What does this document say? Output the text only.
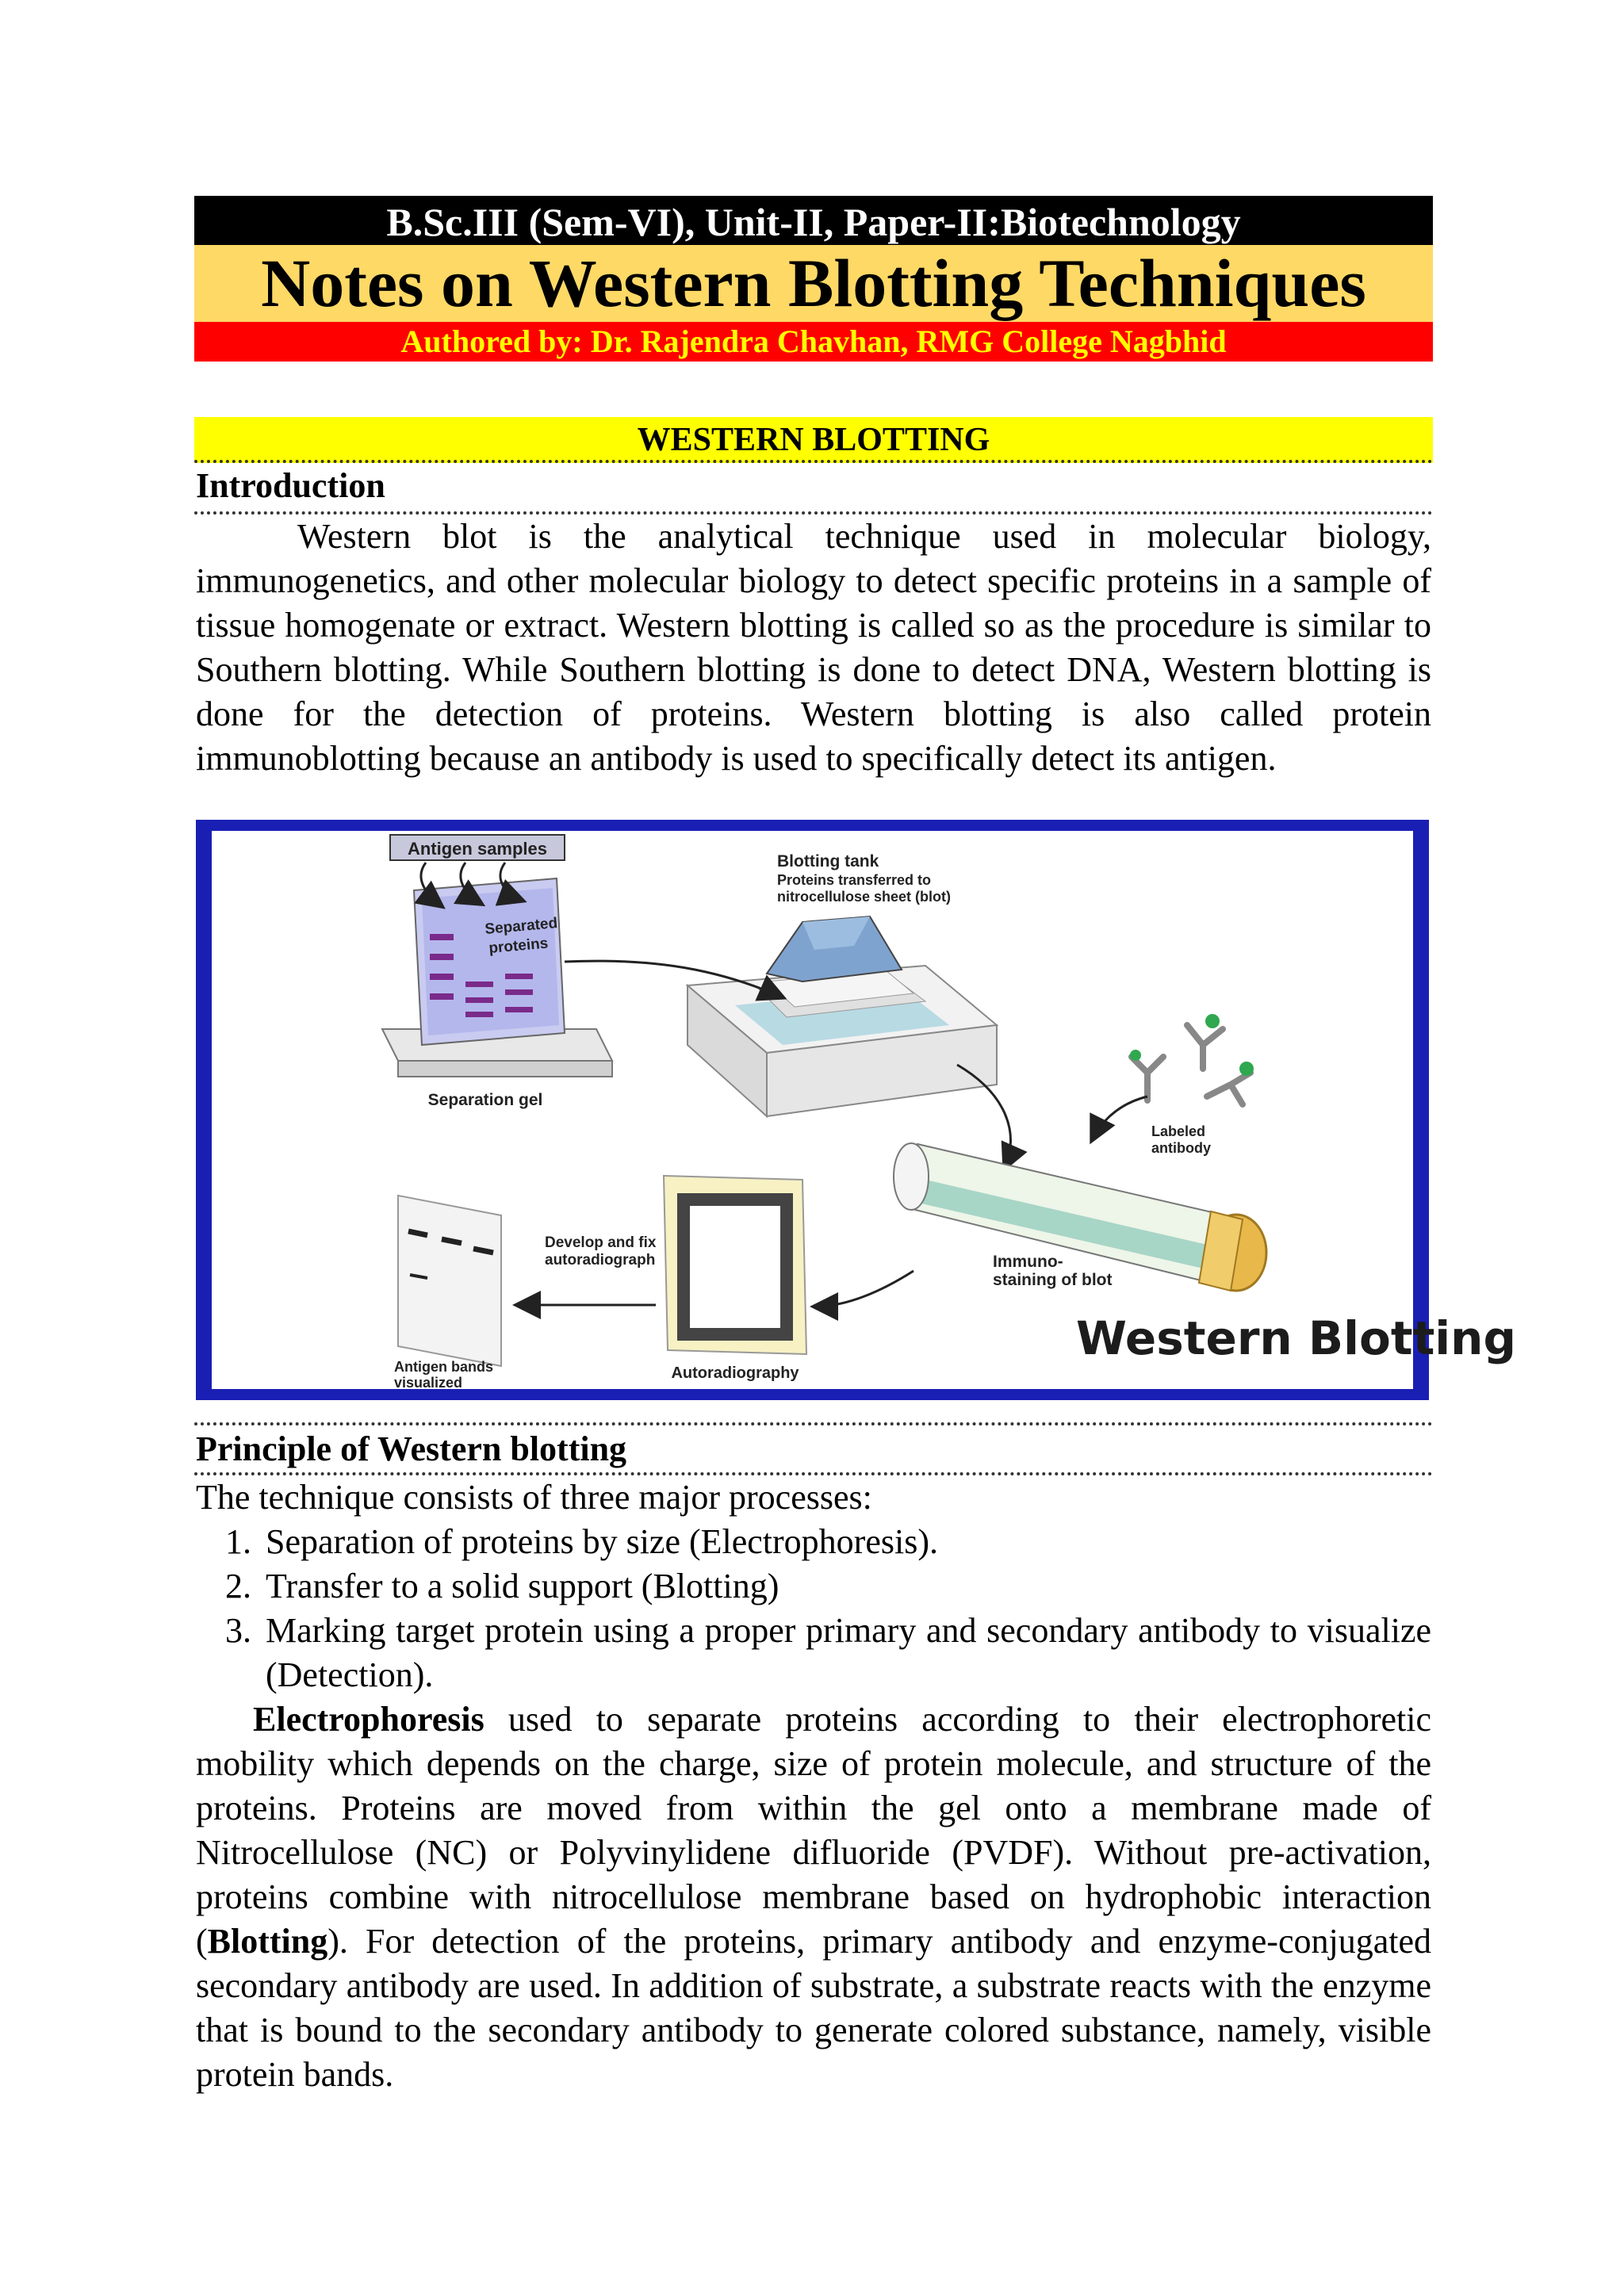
B.Sc.III (Sem-VI), Unit-II, Paper-II:Biotechnology
Notes on Western Blotting Techniques
Authored by: Dr. Rajendra Chavhan, RMG College Nagbhid
WESTERN BLOTTING
Introduction

Western blot is the analytical technique used in molecular biology, immunogenetics, and other molecular biology to detect specific proteins in a sample of tissue homogenate or extract. Western blotting is called so as the procedure is similar to Southern blotting. While Southern blotting is done to detect DNA, Western blotting is done for the detection of proteins. Western blotting is also called protein immunoblotting because an antibody is used to specifically detect its antigen.

Principle of Western blotting

The technique consists of three major processes:

1. Separation of proteins by size (Electrophoresis).
2. Transfer to a solid support (Blotting)
3. Marking target protein using a proper primary and secondary antibody to visualize (Detection).

Electrophoresis used to separate proteins according to their electrophoretic mobility which depends on the charge, size of protein molecule, and structure of the proteins. Proteins are moved from within the gel onto a membrane made of Nitrocellulose (NC) or Polyvinylidene difluoride (PVDF). Without pre-activation, proteins combine with nitrocellulose membrane based on hydrophobic interaction (Blotting). For detection of the proteins, primary antibody and enzyme-conjugated secondary antibody are used. In addition of substrate, a substrate reacts with the enzyme that is bound to the secondary antibody to generate colored substance, namely, visible protein bands.

Antigen samples
Separated
proteins
Separation gel
Blotting tank
Proteins transferred to
nitrocellulose sheet (blot)
Immuno-
staining of blot
Labeled
antibody
Autoradiography
Develop and fix
autoradiograph
Antigen bands
visualized
Western Blotting
